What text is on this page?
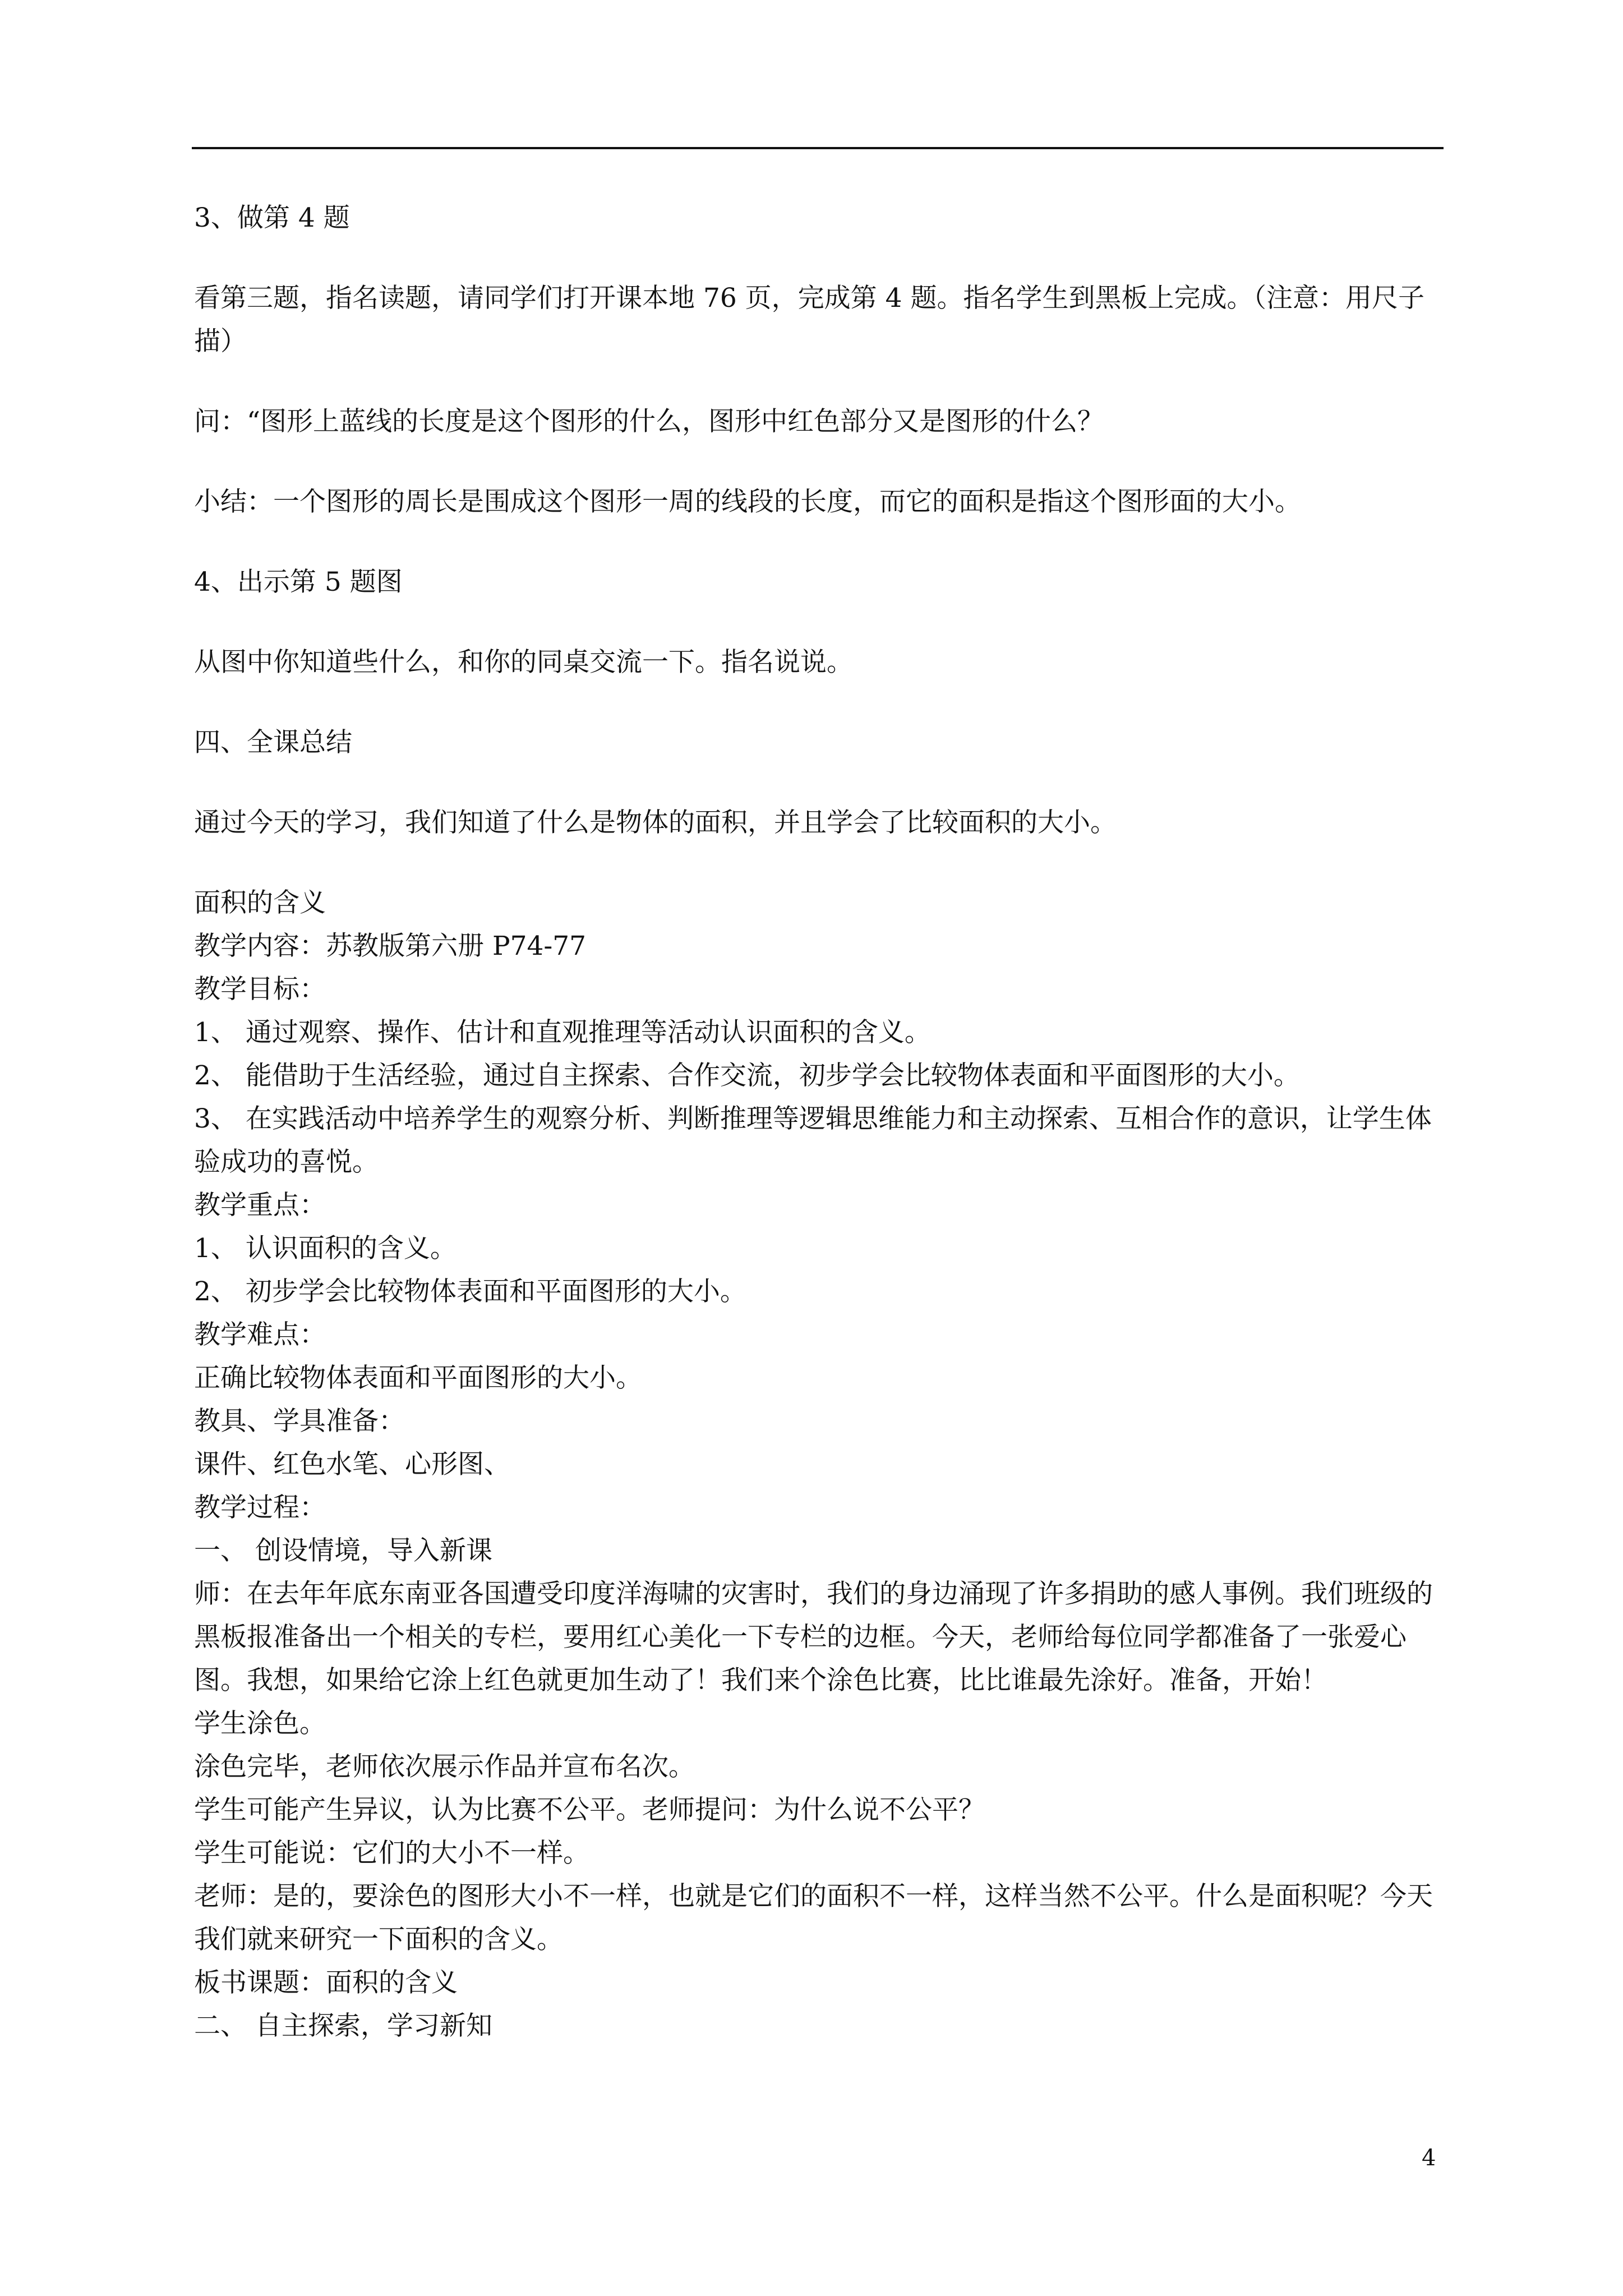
3、做第 4 题

看第三题，指名读题，请同学们打开课本地 76 页，完成第 4 题。指名学生到黑板上完成。（注意：用尺子描）

问：“图形上蓝线的长度是这个图形的什么，图形中红色部分又是图形的什么？

小结：一个图形的周长是围成这个图形一周的线段的长度，而它的面积是指这个图形面的大小。

4、出示第 5 题图

从图中你知道些什么，和你的同桌交流一下。指名说说。

四、全课总结

通过今天的学习，我们知道了什么是物体的面积，并且学会了比较面积的大小。

面积的含义

教学内容：苏教版第六册 P74-77

教学目标：

1、 通过观察、操作、估计和直观推理等活动认识面积的含义。

2、 能借助于生活经验，通过自主探索、合作交流，初步学会比较物体表面和平面图形的大小。

3、 在实践活动中培养学生的观察分析、判断推理等逻辑思维能力和主动探索、互相合作的意识，让学生体验成功的喜悦。

教学重点：

1、 认识面积的含义。

2、 初步学会比较物体表面和平面图形的大小。

教学难点：

正确比较物体表面和平面图形的大小。

教具、学具准备：

课件、红色水笔、心形图、

教学过程：

一、 创设情境，导入新课

师：在去年年底东南亚各国遭受印度洋海啸的灾害时，我们的身边涌现了许多捐助的感人事例。我们班级的黑板报准备出一个相关的专栏，要用红心美化一下专栏的边框。今天，老师给每位同学都准备了一张爱心图。我想，如果给它涂上红色就更加生动了！我们来个涂色比赛，比比谁最先涂好。准备，开始！

学生涂色。

涂色完毕，老师依次展示作品并宣布名次。

学生可能产生异议，认为比赛不公平。老师提问：为什么说不公平？

学生可能说：它们的大小不一样。

老师：是的，要涂色的图形大小不一样，也就是它们的面积不一样，这样当然不公平。什么是面积呢？今天我们就来研究一下面积的含义。

板书课题：面积的含义

二、 自主探索，学习新知

4
